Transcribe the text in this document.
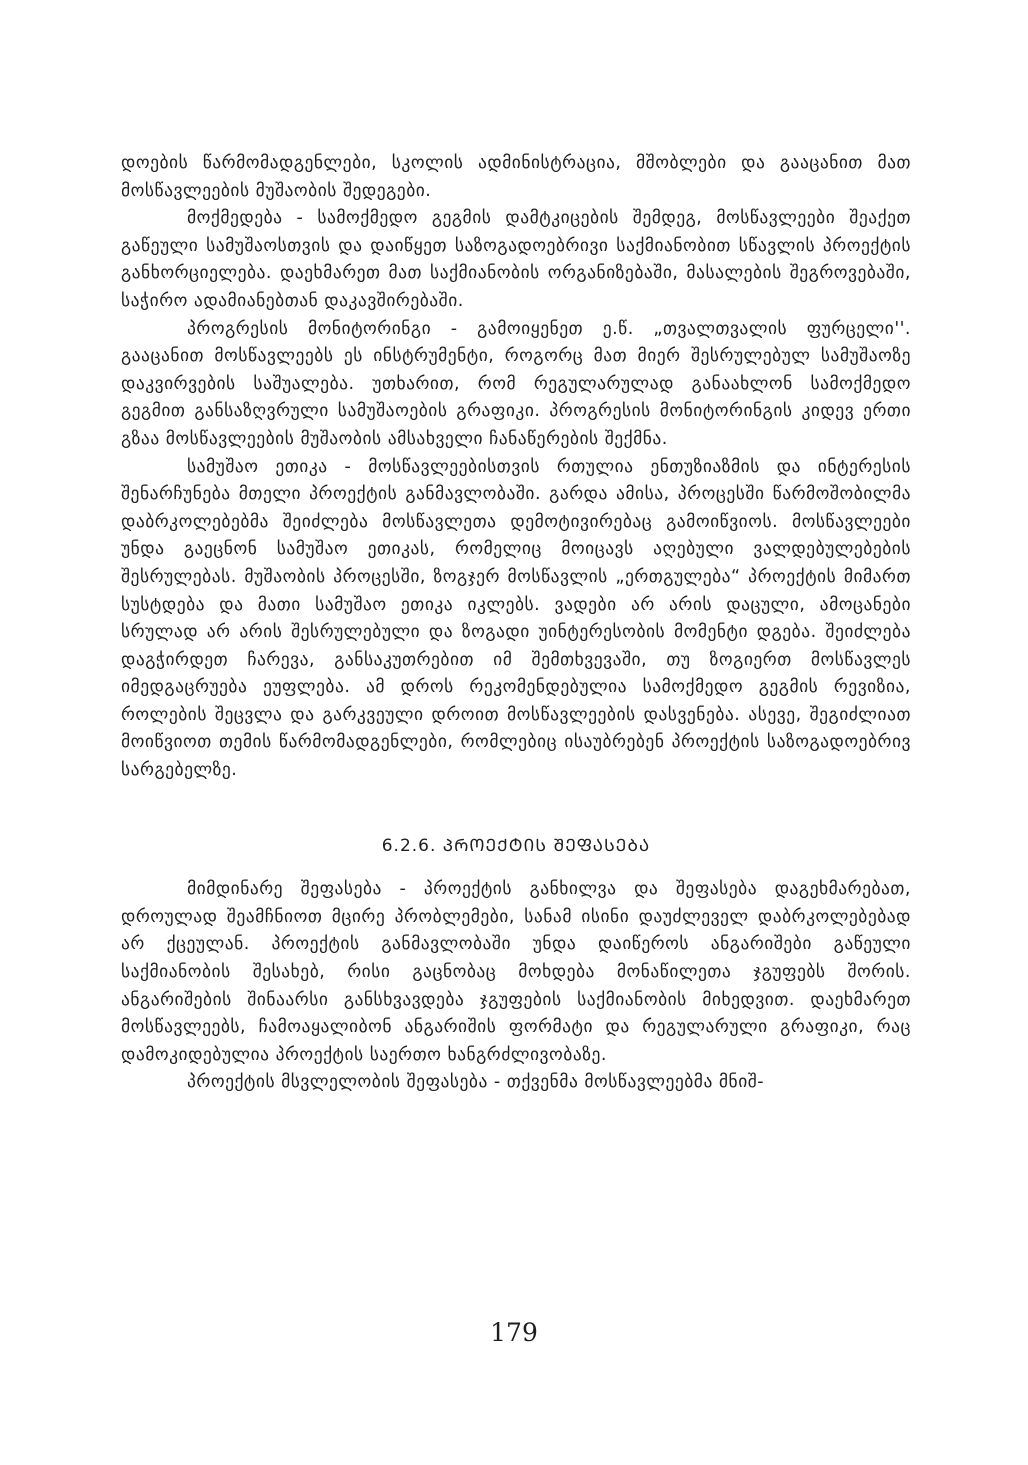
დოების წარმომადგენლები, სკოლის ადმინისტრაცია, მშობლები და გააცანით მათ მოსწავლეების მუშაობის შედეგები.

მოქმედება - სამოქმედო გეგმის დამტკიცების შემდეგ, მოსწავლეები შეაქეთ გაწეული სამუშაოსთვის და დაიწყეთ საზოგადოებრივი საქმიანობით სწავლის პროექტის განხორციელება. დაეხმარეთ მათ საქმიანობის ორგანიზებაში, მასალების შეგროვებაში, საჭირო ადამიანებთან დაკავშირებაში.

პროგრესის მონიტორინგი - გამოიყენეთ ე.წ. „თვალთვალის ფურცელი''. გააცანით მოსწავლეებს ეს ინსტრუმენტი, როგორც მათ მიერ შესრულებულ სამუშაოზე დაკვირვების საშუალება. უთხარით, რომ რეგულარულად განაახლონ სამოქმედო გეგმით განსაზღვრული სამუშაოების გრაფიკი. პროგრესის მონიტორინგის კიდევ ერთი გზაა მოსწავლეების მუშაობის ამსახველი ჩანაწერების შექმნა.

სამუშაო ეთიკა - მოსწავლეებისთვის რთულია ენთუზიაზმის და ინტერესის შენარჩუნება მთელი პროექტის განმავლობაში. გარდა ამისა, პროცესში წარმოშობილმა დაბრკოლებებმა შეიძლება მოსწავლეთა დემოტივირებაც გამოიწვიოს. მოსწავლეები უნდა გაეცნონ სამუშაო ეთიკას, რომელიც მოიცავს აღებული ვალდებულებების შესრულებას. მუშაობის პროცესში, ზოგჯერ მოსწავლის „ერთგულება“ პროექტის მიმართ სუსტდება და მათი სამუშაო ეთიკა იკლებს. ვადები არ არის დაცული, ამოცანები სრულად არ არის შესრულებული და ზოგადი უინტერესობის მომენტი დგება. შეიძლება დაგჭირდეთ ჩარევა, განსაკუთრებით იმ შემთხვევაში, თუ ზოგიერთ მოსწავლეს იმედგაცრუება ეუფლება. ამ დროს რეკომენდებულია სამოქმედო გეგმის რევიზია, როლების შეცვლა და გარკვეული დროით მოსწავლეების დასვენება. ასევე, შეგიძლიათ მოიწვიოთ თემის წარმომადგენლები, რომლებიც ისაუბრებენ პროექტის საზოგადოებრივ სარგებელზე.

6.2.6. ᲞᲠᲝᲔᲥᲢᲘᲡ ᲨᲔᲤᲐᲡᲔᲑᲐ

მიმდინარე შეფასება - პროექტის განხილვა და შეფასება დაგეხმარებათ, დროულად შეამჩნიოთ მცირე პრობლემები, სანამ ისინი დაუძლეველ დაბრკოლებებად არ ქცეულან. პროექტის განმავლობაში უნდა დაიწეროს ანგარიშები გაწეული საქმიანობის შესახებ, რისი გაცნობაც მოხდება მონაწილეთა ჯგუფებს შორის. ანგარიშების შინაარსი განსხვავდება ჯგუფების საქმიანობის მიხედვით. დაეხმარეთ მოსწავლეებს, ჩამოაყალიბონ ანგარიშის ფორმატი და რეგულარული გრაფიკი, რაც დამოკიდებულია პროექტის საერთო ხანგრძლივობაზე.

პროექტის მსვლელობის შეფასება - თქვენმა მოსწავლეებმა მნიშ-

179
